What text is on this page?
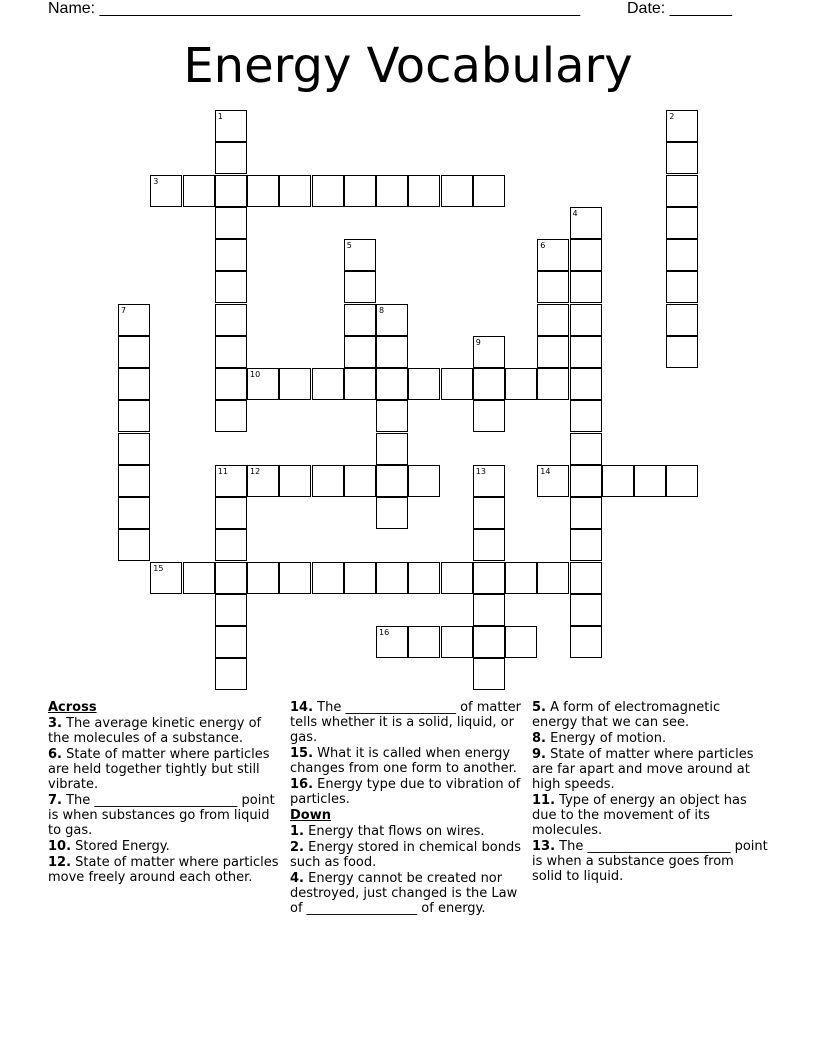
Name: ______________________________________________________	Date: _______
Energy Vocabulary
1	2
3
4
5	6
7	8
9
10
11	12	13	14
15
16
Across
3. The average kinetic energy of the molecules of a substance.
6. State of matter where particles are held together tightly but still vibrate.
7. The ______________________ point is when substances go from liquid to gas.
10. Stored Energy.
12. State of matter where particles move freely around each other.
14. The _________________ of matter tells whether it is a solid, liquid, or gas.
15. What it is called when energy changes from one form to another.
16. Energy type due to vibration of particles.
Down
1. Energy that flows on wires.
2. Energy stored in chemical bonds such as food.
4. Energy cannot be created nor destroyed, just changed is the Law of _________________ of energy.
5. A form of electromagnetic energy that we can see.
8. Energy of motion.
9. State of matter where particles are far apart and move around at high speeds.
11. Type of energy an object has due to the movement of its molecules.
13. The ______________________ point is when a substance goes from solid to liquid.
